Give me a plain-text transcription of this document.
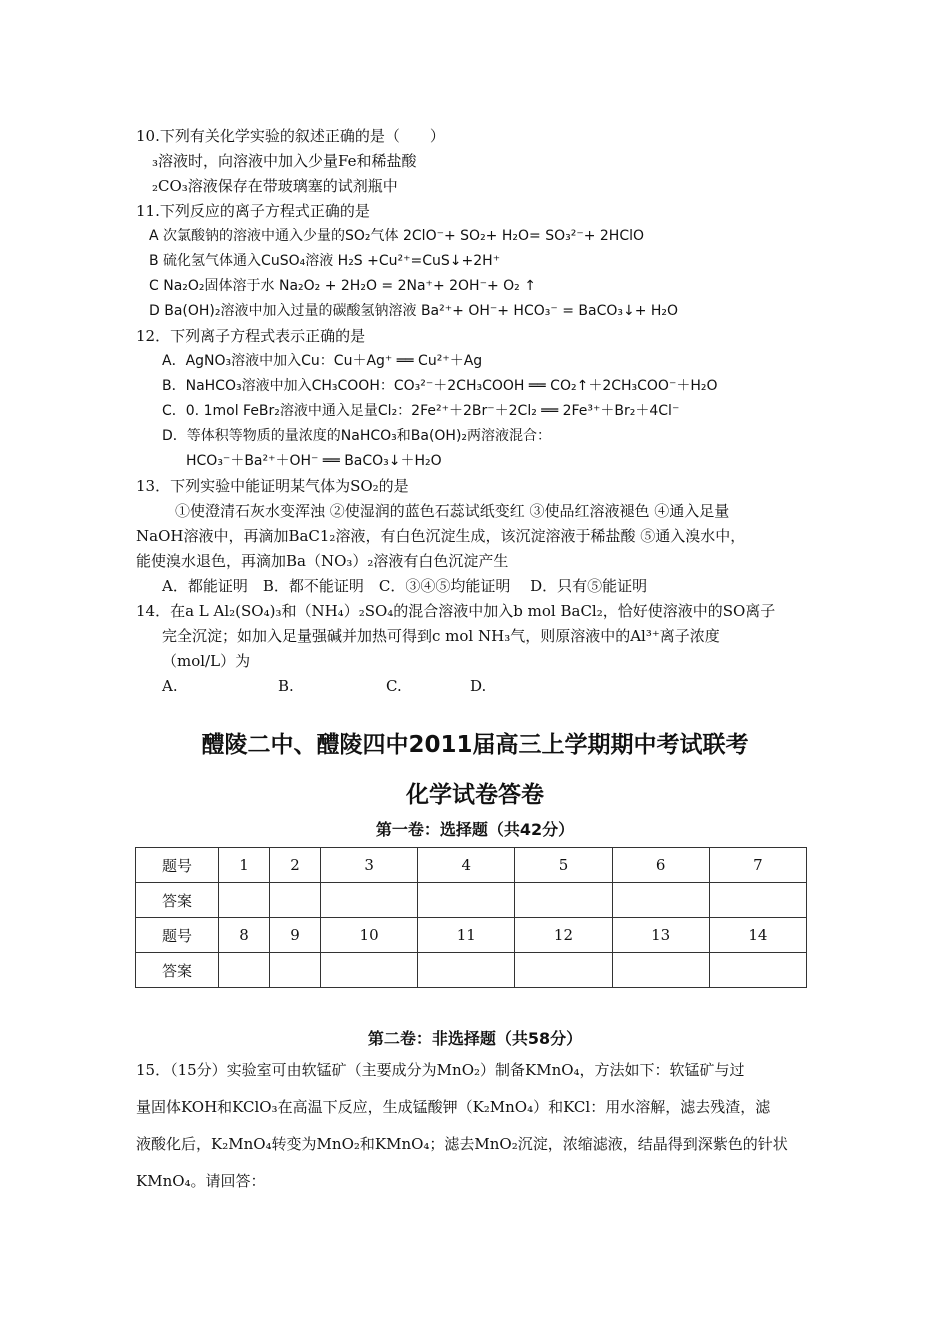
10.下列有关化学实验的叙述正确的是（　　）
₃溶液时，向溶液中加入少量Fe和稀盐酸
₂CO₃溶液保存在带玻璃塞的试剂瓶中
11.下列反应的离子方程式正确的是
A 次氯酸钠的溶液中通入少量的SO₂气体 2ClO⁻+ SO₂+ H₂O= SO₃²⁻+ 2HClO
B 硫化氢气体通入CuSO₄溶液 H₂S +Cu²⁺=CuS↓+2H⁺
C Na₂O₂固体溶于水 Na₂O₂ + 2H₂O = 2Na⁺+ 2OH⁻+ O₂ ↑
D Ba(OH)₂溶液中加入过量的碳酸氢钠溶液 Ba²⁺+ OH⁻+ HCO₃⁻ = BaCO₃↓+ H₂O
12．下列离子方程式表示正确的是
A．AgNO₃溶液中加入Cu：Cu＋Ag⁺ ══ Cu²⁺＋Ag
B．NaHCO₃溶液中加入CH₃COOH：CO₃²⁻＋2CH₃COOH ══ CO₂↑＋2CH₃COO⁻＋H₂O
C．0. 1mol FeBr₂溶液中通入足量Cl₂：2Fe²⁺＋2Br⁻＋2Cl₂ ══ 2Fe³⁺＋Br₂＋4Cl⁻
D．等体积等物质的量浓度的NaHCO₃和Ba(OH)₂两溶液混合：
HCO₃⁻＋Ba²⁺＋OH⁻ ══ BaCO₃↓＋H₂O
13．下列实验中能证明某气体为SO₂的是
①使澄清石灰水变浑浊 ②使湿润的蓝色石蕊试纸变红 ③使品红溶液褪色 ④通入足量
NaOH溶液中，再滴加BaC1₂溶液，有白色沉淀生成，该沉淀溶液于稀盐酸 ⑤通入溴水中，
能使溴水退色，再滴加Ba（NO₃）₂溶液有白色沉淀产生
A．都能证明　B．都不能证明　C．③④⑤均能证明　 D．只有⑤能证明
14．在a L Al₂(SO₄)₃和（NH₄）₂SO₄的混合溶液中加入b mol BaCl₂，恰好使溶液中的SO离子
完全沉淀；如加入足量强碱并加热可得到c mol NH₃气，则原溶液中的Al³⁺离子浓度
（mol/L）为
A.	B.	C.	D.
醴陵二中、醴陵四中2011届高三上学期期中考试联考
化学试卷答卷
第一卷：选择题（共42分）
题号	1	2	3	4	5	6	7
答案							
题号	8	9	10	11	12	13	14
答案							
第二卷：非选择题（共58分）
15．（15分）实验室可由软锰矿（主要成分为MnO₂）制备KMnO₄，方法如下：软锰矿与过
量固体KOH和KClO₃在高温下反应，生成锰酸钾（K₂MnO₄）和KCl：用水溶解，滤去残渣，滤
液酸化后，K₂MnO₄转变为MnO₂和KMnO₄；滤去MnO₂沉淀，浓缩滤液，结晶得到深紫色的针状
KMnO₄。请回答：
